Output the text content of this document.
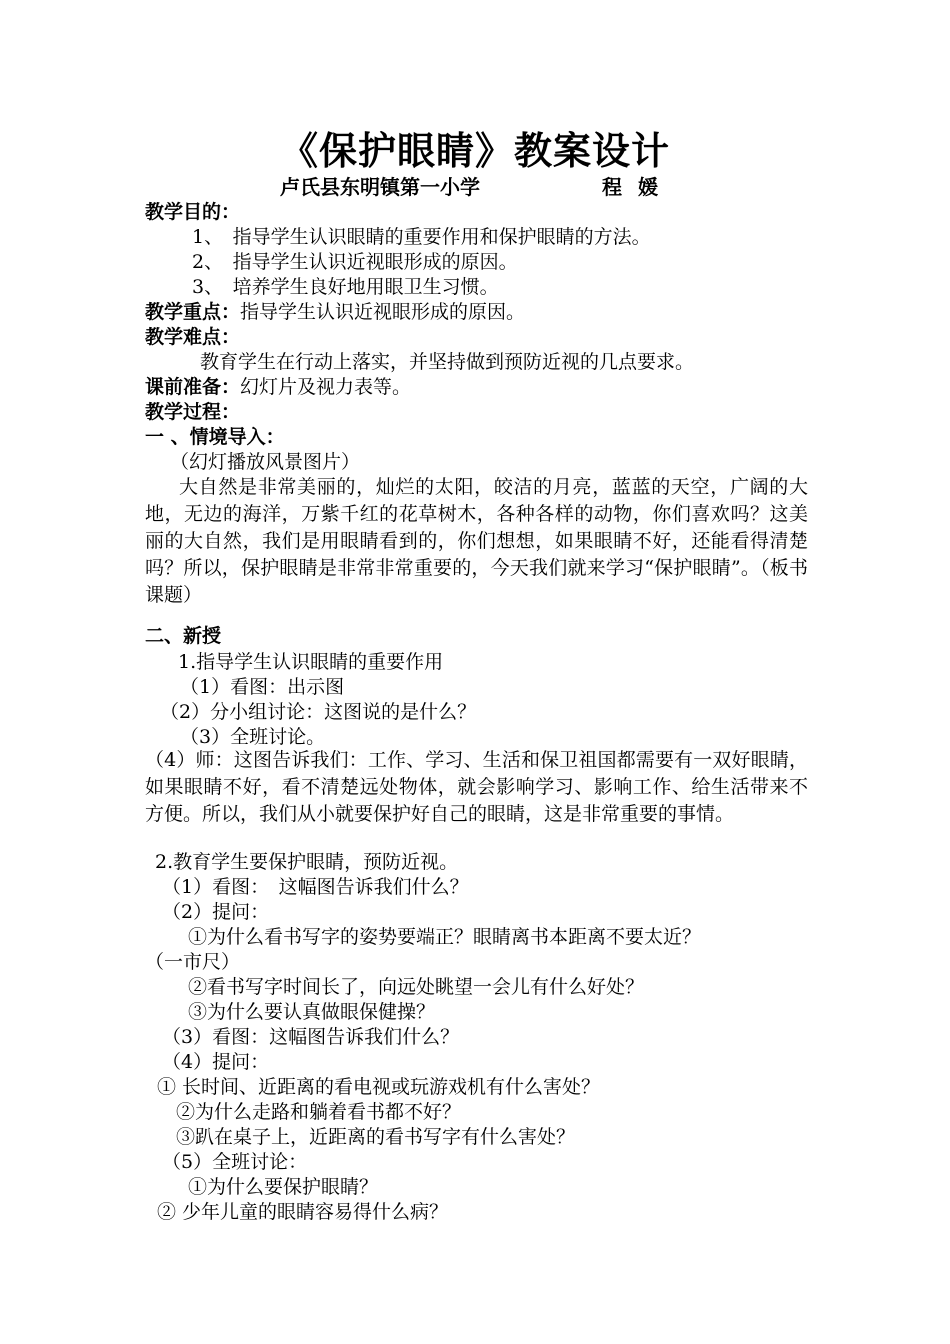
《保护眼睛》教案设计
卢氏县东明镇第一小学	程媛
教学目的：
1、　指导学生认识眼睛的重要作用和保护眼睛的方法。
2、　指导学生认识近视眼形成的原因。
3、　培养学生良好地用眼卫生习惯。
教学重点：指导学生认识近视眼形成的原因。
教学难点：
教育学生在行动上落实，并坚持做到预防近视的几点要求。
课前准备：幻灯片及视力表等。
教学过程：
一 、情境导入：
（幻灯播放风景图片）
大自然是非常美丽的，灿烂的太阳，皎洁的月亮，蓝蓝的天空，广阔的大地，无边的海洋，万紫千红的花草树木，各种各样的动物，你们喜欢吗？这美丽的大自然，我们是用眼睛看到的，你们想想，如果眼睛不好，还能看得清楚吗？所以，保护眼睛是非常非常重要的，今天我们就来学习“保护眼睛”。（板书课题）
二、新授
1.指导学生认识眼睛的重要作用
（1）看图：出示图
（2）分小组讨论：这图说的是什么？
（3）全班讨论。
（4）师：这图告诉我们：工作、学习、生活和保卫祖国都需要有一双好眼睛，如果眼睛不好，看不清楚远处物体，就会影响学习、影响工作、给生活带来不方便。所以，我们从小就要保护好自己的眼睛，这是非常重要的事情。
2.教育学生要保护眼睛，预防近视。
（1）看图：　这幅图告诉我们什么？
（2）提问：
①为什么看书写字的姿势要端正？眼睛离书本距离不要太近？
（一市尺）
②看书写字时间长了，向远处眺望一会儿有什么好处？
③为什么要认真做眼保健操？
（3）看图：这幅图告诉我们什么？
（4）提问：
① 长时间、近距离的看电视或玩游戏机有什么害处？
②为什么走路和躺着看书都不好？
③趴在桌子上，近距离的看书写字有什么害处？
（5）全班讨论：
①为什么要保护眼睛？
② 少年儿童的眼睛容易得什么病？
